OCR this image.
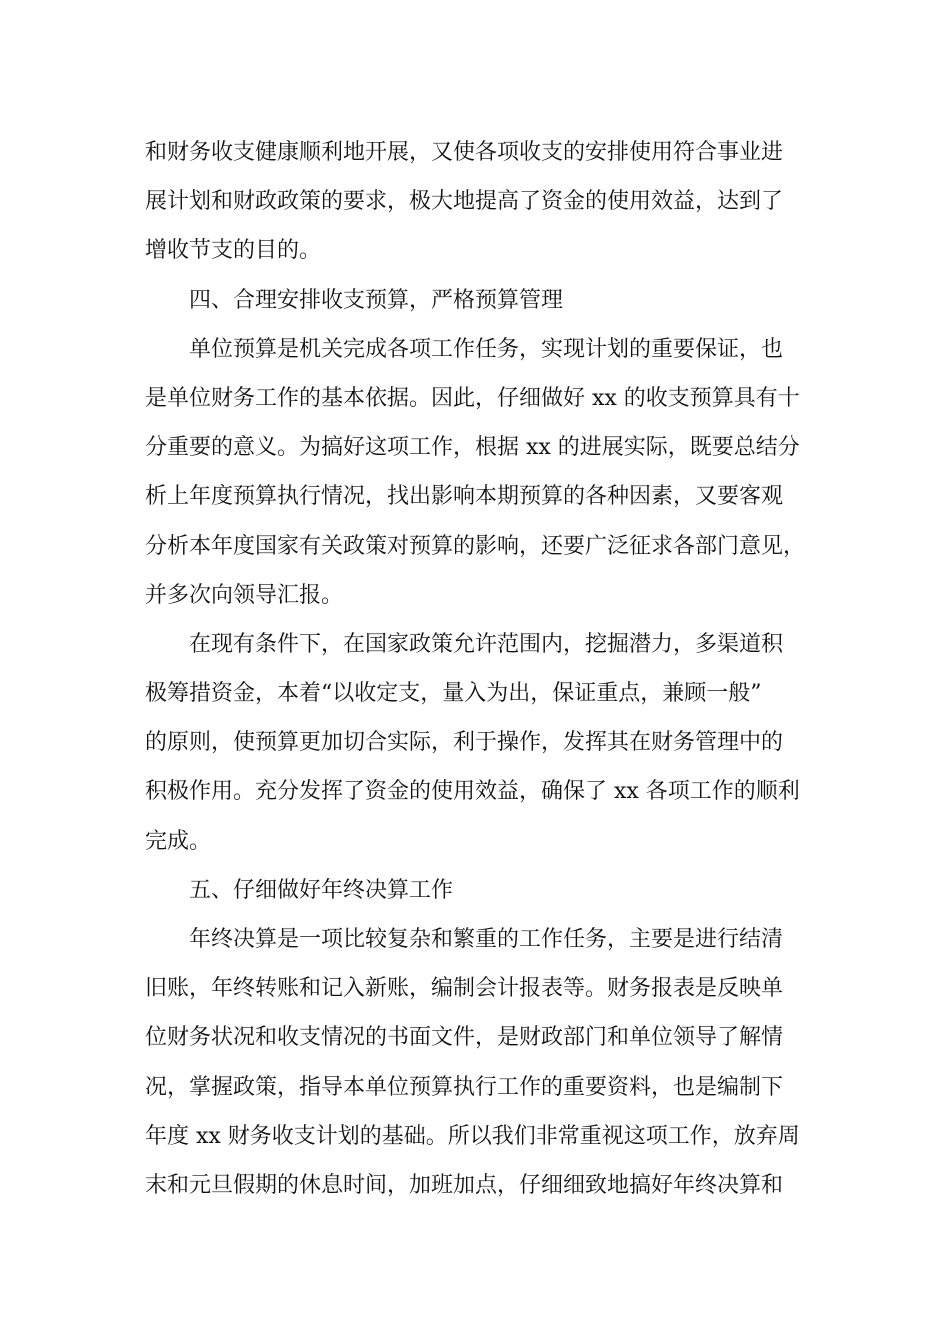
和财务收支健康顺利地开展，又使各项收支的安排使用符合事业进
展计划和财政政策的要求，极大地提高了资金的使用效益，达到了
增收节支的目的。
四、合理安排收支预算，严格预算管理
单位预算是机关完成各项工作任务，实现计划的重要保证，也
是单位财务工作的基本依据。因此，仔细做好 xx 的收支预算具有十
分重要的意义。为搞好这项工作，根据 xx 的进展实际，既要总结分
析上年度预算执行情况，找出影响本期预算的各种因素，又要客观
分析本年度国家有关政策对预算的影响，还要广泛征求各部门意见，
并多次向领导汇报。
在现有条件下，在国家政策允许范围内，挖掘潜力，多渠道积
极筹措资金，本着“以收定支，量入为出，保证重点，兼顾一般”
的原则，使预算更加切合实际，利于操作，发挥其在财务管理中的
积极作用。充分发挥了资金的使用效益，确保了 xx 各项工作的顺利
完成。
五、仔细做好年终决算工作
年终决算是一项比较复杂和繁重的工作任务，主要是进行结清
旧账，年终转账和记入新账，编制会计报表等。财务报表是反映单
位财务状况和收支情况的书面文件，是财政部门和单位领导了解情
况，掌握政策，指导本单位预算执行工作的重要资料，也是编制下
年度 xx 财务收支计划的基础。所以我们非常重视这项工作，放弃周
末和元旦假期的休息时间，加班加点，仔细细致地搞好年终决算和
